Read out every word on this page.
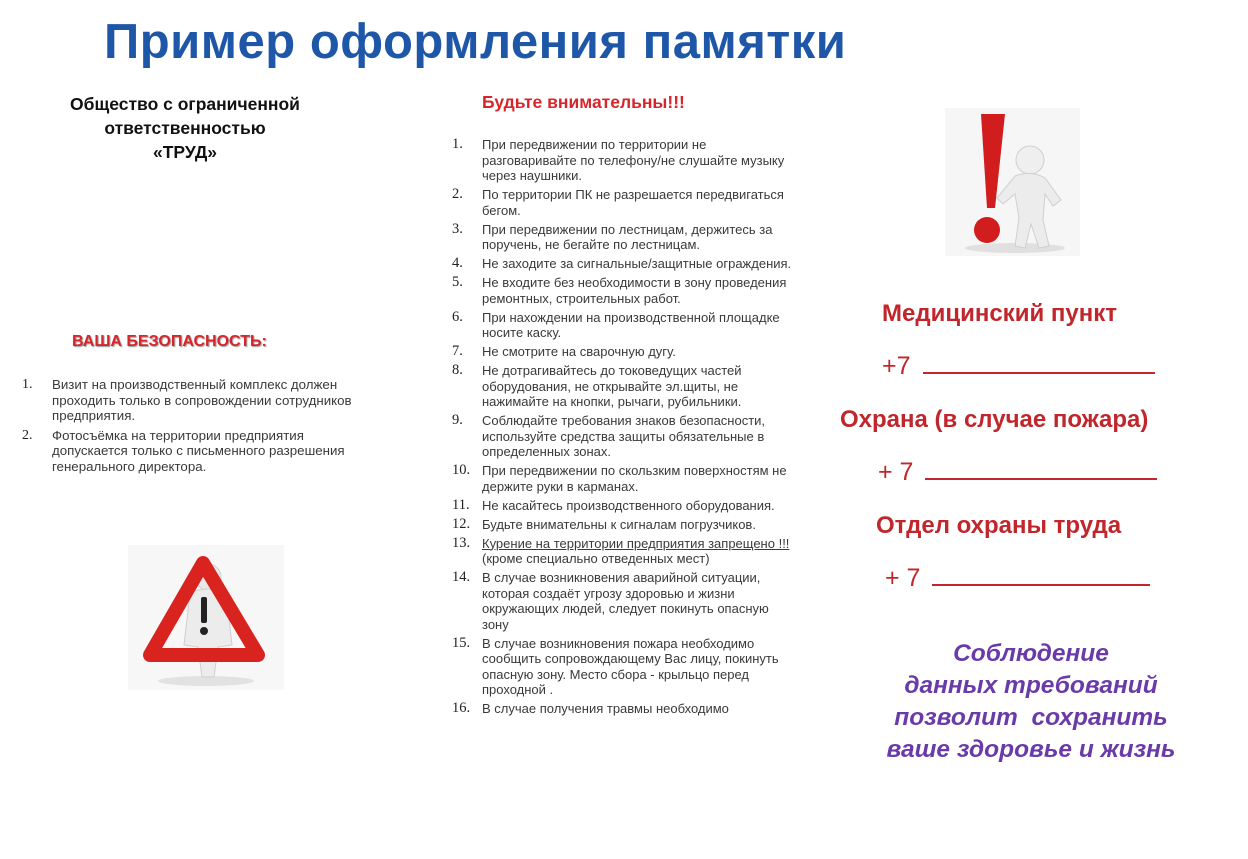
Пример оформления памятки
Общество с ограниченной
ответственностью
«ТРУД»
ВАША БЕЗОПАСНОСТЬ:
1.	Визит на производственный комплекс должен проходить только в сопровождении сотрудников предприятия.
2.	Фотосъёмка на территории предприятия допускается только с письменного разрешения генерального директора.
Будьте внимательны!!!
1.	При передвижении по территории не разговаривайте по телефону/не слушайте музыку через наушники.
2.	По территории ПК не разрешается передвигаться бегом.
3.	При передвижении по лестницам, держитесь за поручень, не бегайте по лестницам.
4.	Не заходите за сигнальные/защитные ограждения.
5.	Не входите без необходимости в зону проведения ремонтных, строительных работ.
6.	При нахождении на производственной площадке носите каску.
7.	Не смотрите на сварочную дугу.
8.	Не дотрагивайтесь до токоведущих частей оборудования, не открывайте эл.щиты, не нажимайте на кнопки, рычаги, рубильники.
9.	Соблюдайте требования знаков безопасности, используйте средства защиты обязательные в определенных зонах.
10. При передвижении по скользким поверхностям не держите руки в карманах.
11. Не касайтесь производственного оборудования.
12. Будьте внимательны к сигналам погрузчиков.
13. Курение на территории предприятия запрещено !!! (кроме специально отведенных мест)
14. В случае возникновения аварийной ситуации, которая создаёт угрозу здоровью и жизни окружающих людей, следует покинуть опасную зону
15. В случае возникновения пожара необходимо сообщить сопровождающему Вас лицу, покинуть опасную зону. Место сбора - крыльцо перед проходной .
16. В случае получения травмы необходимо
Медицинский пункт
+7
Охрана (в случае пожара)
+ 7
Отдел охраны труда
+ 7
Соблюдение
данных требований
позволит  сохранить
ваше здоровье и жизнь
